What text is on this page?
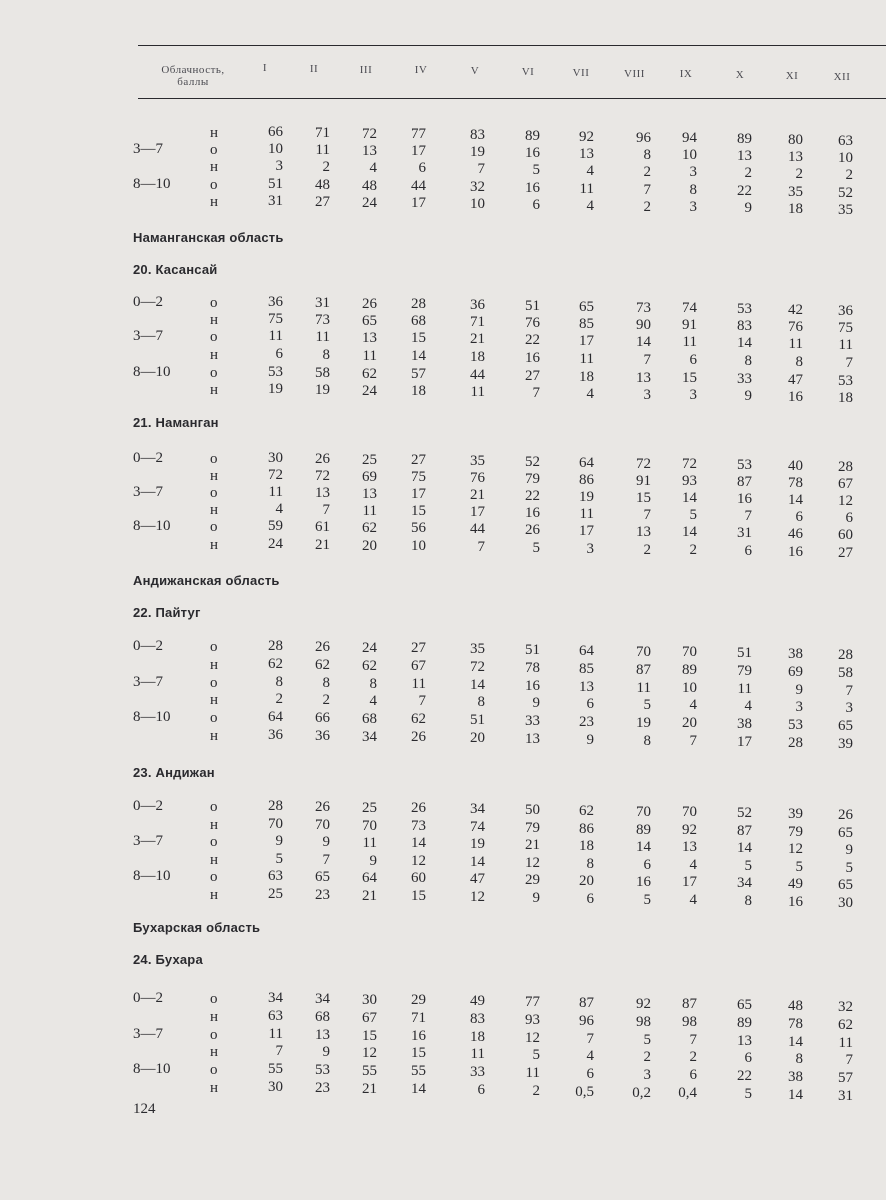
Облачность,
баллы
I	II	III	IV	V	VI	VII	VIII	IX	X	XI	XII
н	66	71	72	77	83	89	92	96	94	89	80	63
3—7	о	10	11	13	17	19	16	13	8	10	13	13	10
н	3	2	4	6	7	5	4	2	3	2	2	2
8—10	о	51	48	48	44	32	16	11	7	8	22	35	52
н	31	27	24	17	10	6	4	2	3	9	18	35
Наманганская область
20. Касансай
0—2	о	36	31	26	28	36	51	65	73	74	53	42	36
н	75	73	65	68	71	76	85	90	91	83	76	75
3—7	о	11	11	13	15	21	22	17	14	11	14	11	11
н	6	8	11	14	18	16	11	7	6	8	8	7
8—10	о	53	58	62	57	44	27	18	13	15	33	47	53
н	19	19	24	18	11	7	4	3	3	9	16	18
21. Наманган
0—2	о	30	26	25	27	35	52	64	72	72	53	40	28
н	72	72	69	75	76	79	86	91	93	87	78	67
3—7	о	11	13	13	17	21	22	19	15	14	16	14	12
н	4	7	11	15	17	16	11	7	5	7	6	6
8—10	о	59	61	62	56	44	26	17	13	14	31	46	60
н	24	21	20	10	7	5	3	2	2	6	16	27
Андижанская область
22. Пайтуг
0—2	о	28	26	24	27	35	51	64	70	70	51	38	28
н	62	62	62	67	72	78	85	87	89	79	69	58
3—7	о	8	8	8	11	14	16	13	11	10	11	9	7
н	2	2	4	7	8	9	6	5	4	4	3	3
8—10	о	64	66	68	62	51	33	23	19	20	38	53	65
н	36	36	34	26	20	13	9	8	7	17	28	39
23. Андижан
0—2	о	28	26	25	26	34	50	62	70	70	52	39	26
н	70	70	70	73	74	79	86	89	92	87	79	65
3—7	о	9	9	11	14	19	21	18	14	13	14	12	9
н	5	7	9	12	14	12	8	6	4	5	5	5
8—10	о	63	65	64	60	47	29	20	16	17	34	49	65
н	25	23	21	15	12	9	6	5	4	8	16	30
Бухарская область
24. Бухара
0—2	о	34	34	30	29	49	77	87	92	87	65	48	32
н	63	68	67	71	83	93	96	98	98	89	78	62
3—7	о	11	13	15	16	18	12	7	5	7	13	14	11
н	7	9	12	15	11	5	4	2	2	6	8	7
8—10	о	55	53	55	55	33	11	6	3	6	22	38	57
н	30	23	21	14	6	2	0,5	0,2	0,4	5	14	31
124
